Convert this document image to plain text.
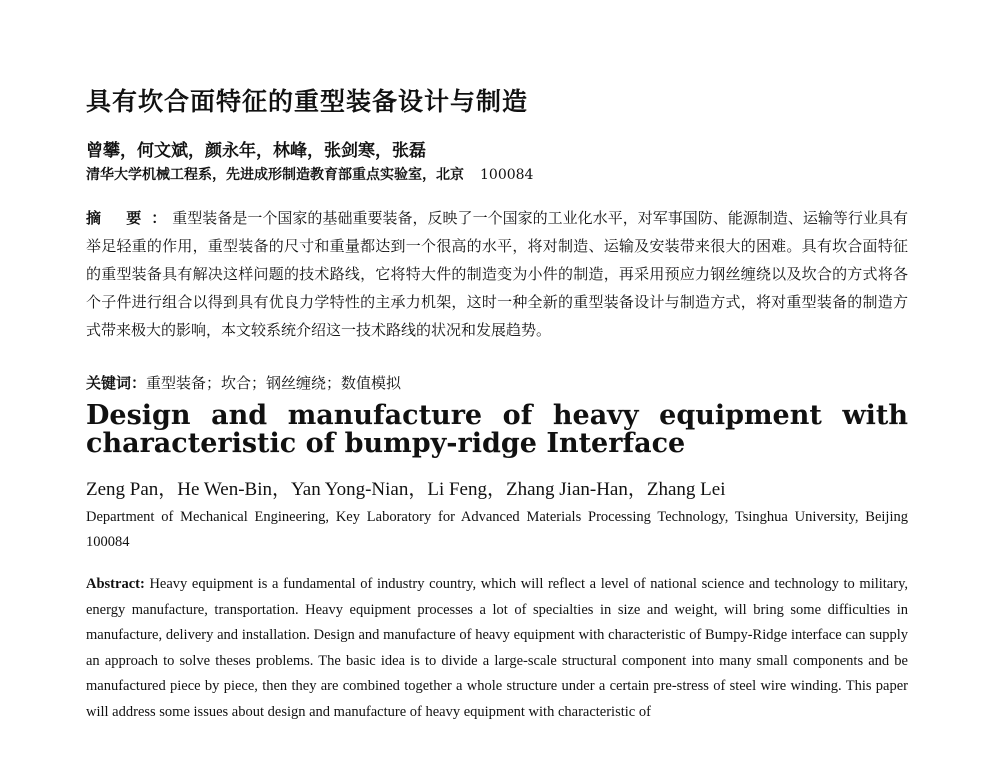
具有坎合面特征的重型装备设计与制造
曾攀，何文斌，颜永年，林峰，张剑寒，张磊
清华大学机械工程系，先进成形制造教育部重点实验室，北京 100084
摘 要：重型装备是一个国家的基础重要装备，反映了一个国家的工业化水平，对军事国防、能源制造、运输等行业具有举足轻重的作用，重型装备的尺寸和重量都达到一个很高的水平，将对制造、运输及安装带来很大的困难。具有坎合面特征的重型装备具有解决这样问题的技术路线，它将特大件的制造变为小件的制造，再采用预应力钢丝缠绕以及坎合的方式将各个子件进行组合以得到具有优良力学特性的主承力机架，这时一种全新的重型装备设计与制造方式，将对重型装备的制造方式带来极大的影响，本文较系统介绍这一技术路线的状况和发展趋势。
关键词：重型装备；坎合；钢丝缠绕；数值模拟
Design and manufacture of heavy equipment with characteristic of bumpy-ridge Interface
Zeng Pan，He Wen-Bin，Yan Yong-Nian，Li Feng，Zhang Jian-Han，Zhang Lei
Department of Mechanical Engineering, Key Laboratory for Advanced Materials Processing Technology, Tsinghua University, Beijing 100084
Abstract: Heavy equipment is a fundamental of industry country, which will reflect a level of national science and technology to military, energy manufacture, transportation. Heavy equipment processes a lot of specialties in size and weight, will bring some difficulties in manufacture, delivery and installation. Design and manufacture of heavy equipment with characteristic of Bumpy-Ridge interface can supply an approach to solve theses problems. The basic idea is to divide a large-scale structural component into many small components and be manufactured piece by piece, then they are combined together a whole structure under a certain pre-stress of steel wire winding. This paper will address some issues about design and manufacture of heavy equipment with characteristic of
